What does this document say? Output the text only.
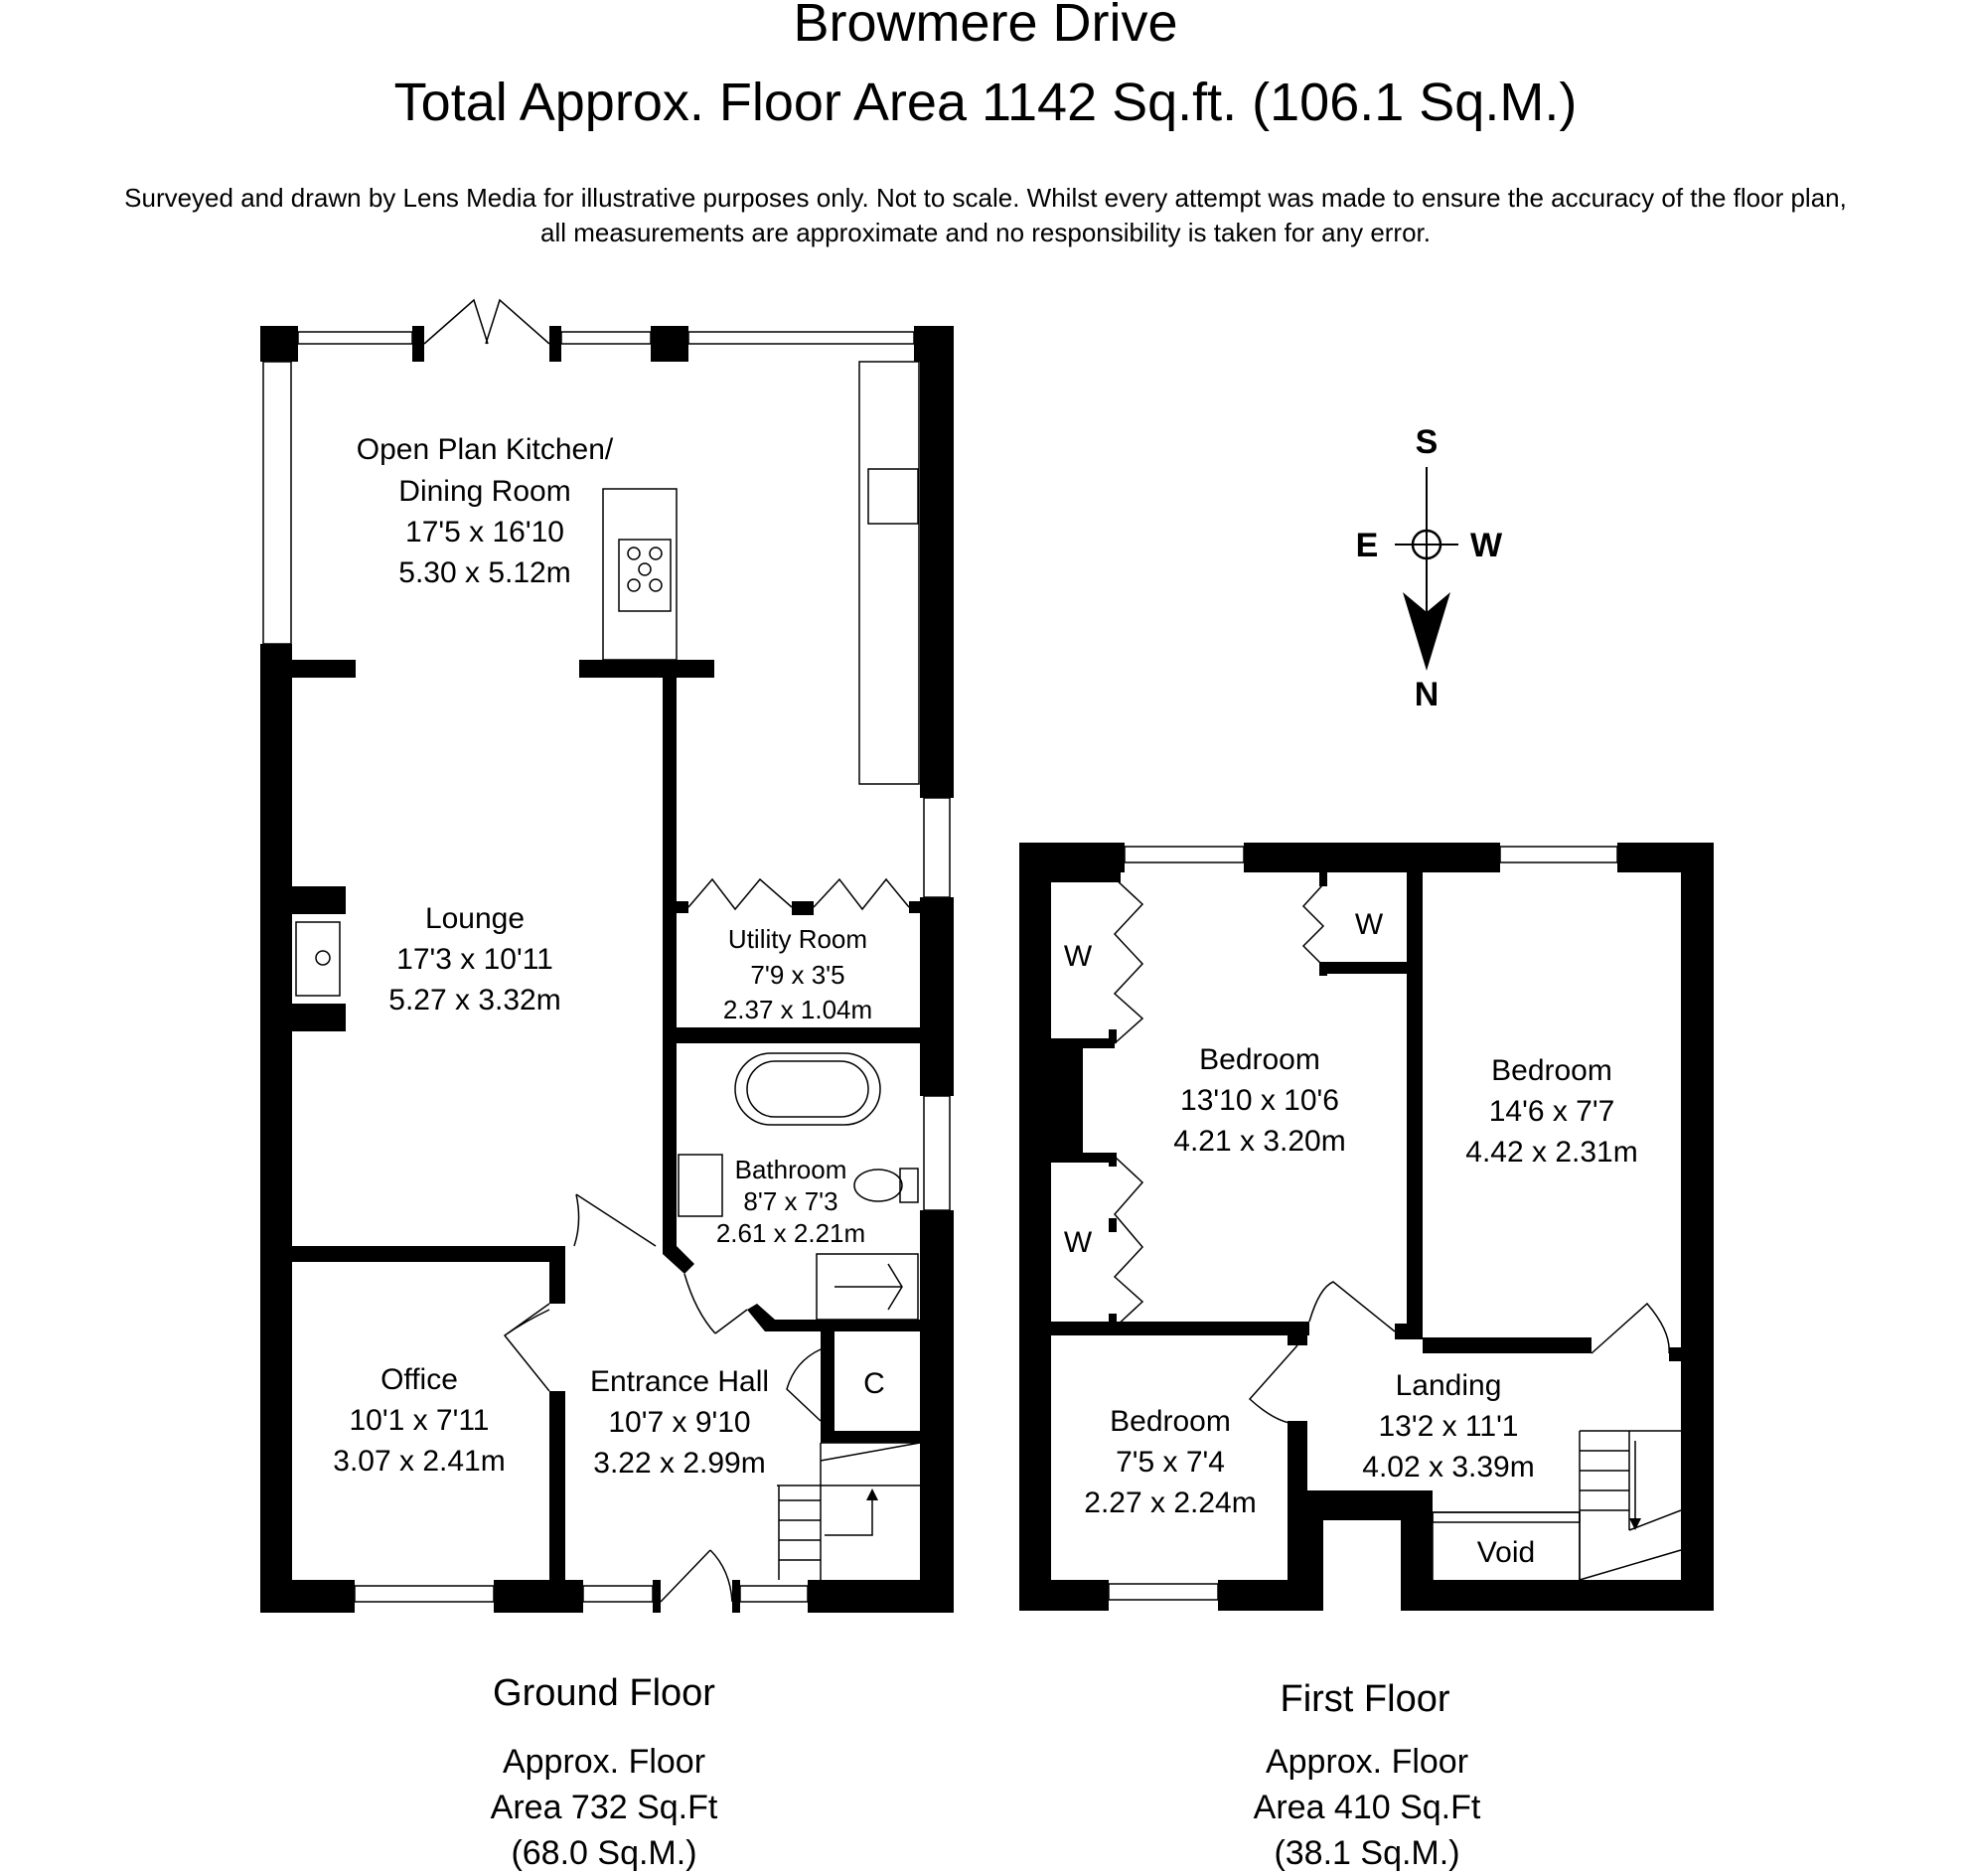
Browmere Drive
Total Approx. Floor Area 1142 Sq.ft. (106.1 Sq.M.)
Surveyed and drawn by Lens Media for illustrative purposes only. Not to scale. Whilst every attempt was made to ensure the accuracy of the floor plan,
all measurements are approximate and no responsibility is taken for any error.
Open Plan Kitchen/
Dining Room
17'5 x 16'10
5.30 x 5.12m
Lounge
17'3 x 10'11
5.27 x 3.32m
Utility Room
7'9 x 3'5
2.37 x 1.04m
Bathroom
8'7 x 7'3
2.61 x 2.21m
Office
10'1 x 7'11
3.07 x 2.41m
Entrance Hall
10'7 x 9'10
3.22 x 2.99m
C
Ground Floor
Approx. Floor
Area 732 Sq.Ft
(68.0 Sq.M.)
W
W
W
Bedroom
13'10 x 10'6
4.21 x 3.20m
Bedroom
14'6 x 7'7
4.42 x 2.31m
Bedroom
7'5 x 7'4
2.27 x 2.24m
Landing
13'2 x 11'1
4.02 x 3.39m
Void
First Floor
Approx. Floor
Area 410 Sq.Ft
(38.1 Sq.M.)
S
E	W
N
